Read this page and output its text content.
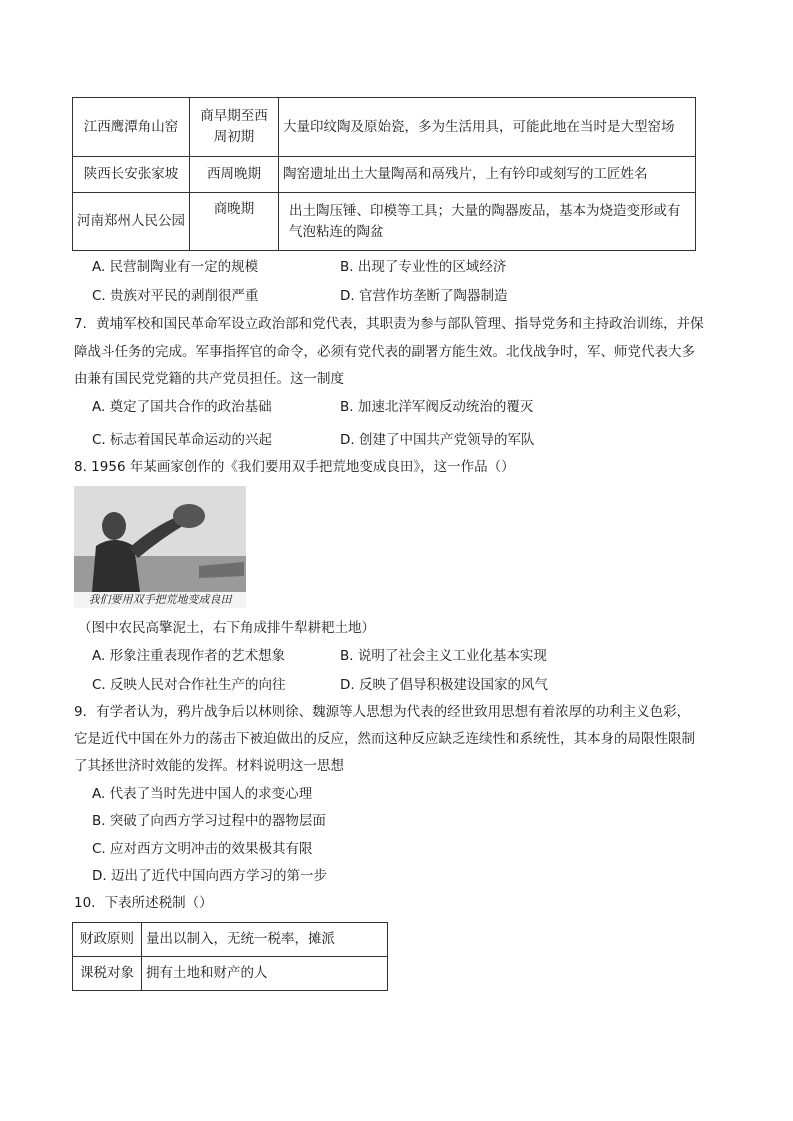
江西鹰潭角山窑	商早期至西周初期	大量印纹陶及原始瓷，多为生活用具，可能此地在当时是大型窑场
陕西长安张家坡	西周晚期	陶窑遗址出土大量陶鬲和鬲残片，上有钤印或刻写的工匠姓名
河南郑州人民公园	商晚期	出土陶压锤、印模等工具；大量的陶器废品，基本为烧造变形或有气泡粘连的陶盆
A. 民营制陶业有一定的规模	B. 出现了专业性的区域经济
C. 贵族对平民的剥削很严重	D. 官营作坊垄断了陶器制造
7．黄埔军校和国民革命军设立政治部和党代表，其职责为参与部队管理、指导党务和主持政治训练，并保
障战斗任务的完成。军事指挥官的命令，必须有党代表的副署方能生效。北伐战争时，军、师党代表大多
由兼有国民党党籍的共产党员担任。这一制度
A. 奠定了国共合作的政治基础	B. 加速北洋军阀反动统治的覆灭
C. 标志着国民革命运动的兴起	D. 创建了中国共产党领导的军队
8. 1956 年某画家创作的《我们要用双手把荒地变成良田》，这一作品（）
我们要用双手把荒地变成良田
（图中农民高擎泥土，右下角成排牛犁耕耙土地）
A. 形象注重表现作者的艺术想象	B. 说明了社会主义工业化基本实现
C. 反映人民对合作社生产的向往	D. 反映了倡导积极建设国家的风气
9．有学者认为，鸦片战争后以林则徐、魏源等人思想为代表的经世致用思想有着浓厚的功利主义色彩，
它是近代中国在外力的荡击下被迫做出的反应，然而这种反应缺乏连续性和系统性，其本身的局限性限制
了其拯世济时效能的发挥。材料说明这一思想
A. 代表了当时先进中国人的求变心理
B. 突破了向西方学习过程中的器物层面
C. 应对西方文明冲击的效果极其有限
D. 迈出了近代中国向西方学习的第一步
10．下表所述税制（）
财政原则	量出以制入，无统一税率，摊派
课税对象	拥有土地和财产的人
